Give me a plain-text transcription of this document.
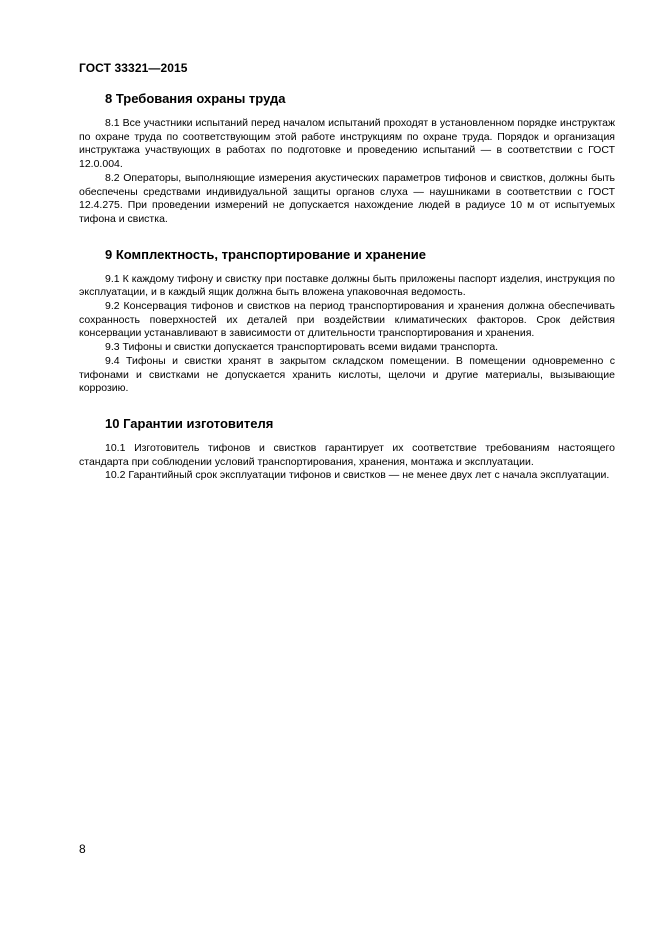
ГОСТ 33321—2015
8 Требования охраны труда

8.1 Все участники испытаний перед началом испытаний проходят в установленном порядке инструктаж по охране труда по соответствующим этой работе инструкциям по охране труда. Порядок и организация инструктажа участвующих в работах по подготовке и проведению испытаний — в соответствии с ГОСТ 12.0.004.

8.2 Операторы, выполняющие измерения акустических параметров тифонов и свистков, должны быть обеспечены средствами индивидуальной защиты органов слуха — наушниками в соответствии с ГОСТ 12.4.275. При проведении измерений не допускается нахождение людей в радиусе 10 м от испытуемых тифона и свистка.

9 Комплектность, транспортирование и хранение

9.1 К каждому тифону и свистку при поставке должны быть приложены паспорт изделия, инструкция по эксплуатации, и в каждый ящик должна быть вложена упаковочная ведомость.

9.2 Консервация тифонов и свистков на период транспортирования и хранения должна обеспечивать сохранность поверхностей их деталей при воздействии климатических факторов. Срок действия консервации устанавливают в зависимости от длительности транспортирования и хранения.

9.3 Тифоны и свистки допускается транспортировать всеми видами транспорта.

9.4 Тифоны и свистки хранят в закрытом складском помещении. В помещении одновременно с тифонами и свистками не допускается хранить кислоты, щелочи и другие материалы, вызывающие коррозию.

10 Гарантии изготовителя

10.1 Изготовитель тифонов и свистков гарантирует их соответствие требованиям настоящего стандарта при соблюдении условий транспортирования, хранения, монтажа и эксплуатации.

10.2 Гарантийный срок эксплуатации тифонов и свистков — не менее двух лет с начала эксплуатации.

8
